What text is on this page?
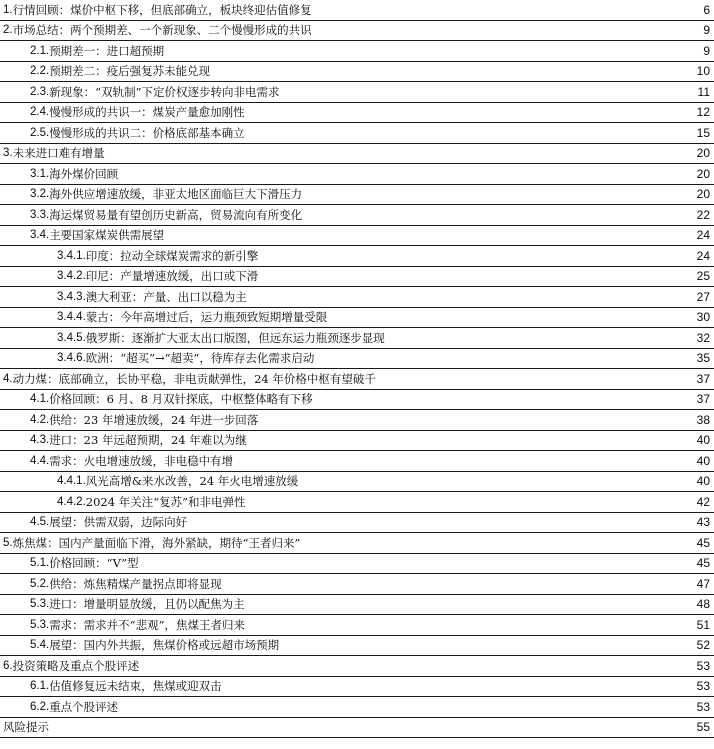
1. 行情回顾：煤价中枢下移，但底部确立，板块终迎估值修复	6
2. 市场总结：两个预期差、一个新现象、二个慢慢形成的共识	9
2.1. 预期差一：进口超预期	9
2.2. 预期差二：疫后强复苏未能兑现	10
2.3. 新现象：“双轨制”下定价权逐步转向非电需求	11
2.4. 慢慢形成的共识一：煤炭产量愈加刚性	12
2.5. 慢慢形成的共识二：价格底部基本确立	15
3. 未来进口难有增量	20
3.1. 海外煤价回顾	20
3.2. 海外供应增速放缓，非亚太地区面临巨大下滑压力	20
3.3. 海运煤贸易量有望创历史新高，贸易流向有所变化	22
3.4. 主要国家煤炭供需展望	24
3.4.1. 印度：拉动全球煤炭需求的新引擎	24
3.4.2. 印尼：产量增速放缓，出口或下滑	25
3.4.3. 澳大利亚：产量、出口以稳为主	27
3.4.4. 蒙古：今年高增过后，运力瓶颈致短期增量受限	30
3.4.5. 俄罗斯：逐渐扩大亚太出口版图，但远东运力瓶颈逐步显现	32
3.4.6. 欧洲：“超买”→“超卖”，待库存去化需求启动	35
4. 动力煤：底部确立，长协平稳，非电贡献弹性，24 年价格中枢有望破千	37
4.1. 价格回顾：6 月、8 月双针探底，中枢整体略有下移	37
4.2. 供给：23 年增速放缓，24 年进一步回落	38
4.3. 进口：23 年远超预期，24 年难以为继	40
4.4. 需求：火电增速放缓，非电稳中有增	40
4.4.1. 风光高增&来水改善，24 年火电增速放缓	40
4.4.2. 2024 年关注“复苏”和非电弹性	42
4.5. 展望：供需双弱，边际向好	43
5. 炼焦煤：国内产量面临下滑，海外紧缺，期待“王者归来”	45
5.1. 价格回顾：“V”型	45
5.2. 供给：炼焦精煤产量拐点即将显现	47
5.3. 进口：增量明显放缓，且仍以配焦为主	48
5.3. 需求：需求并不“悲观”，焦煤王者归来	51
5.4. 展望：国内外共振，焦煤价格或远超市场预期	52
6. 投资策略及重点个股评述	53
6.1. 估值修复远未结束，焦煤或迎双击	53
6.2. 重点个股评述	53
风险提示	55
